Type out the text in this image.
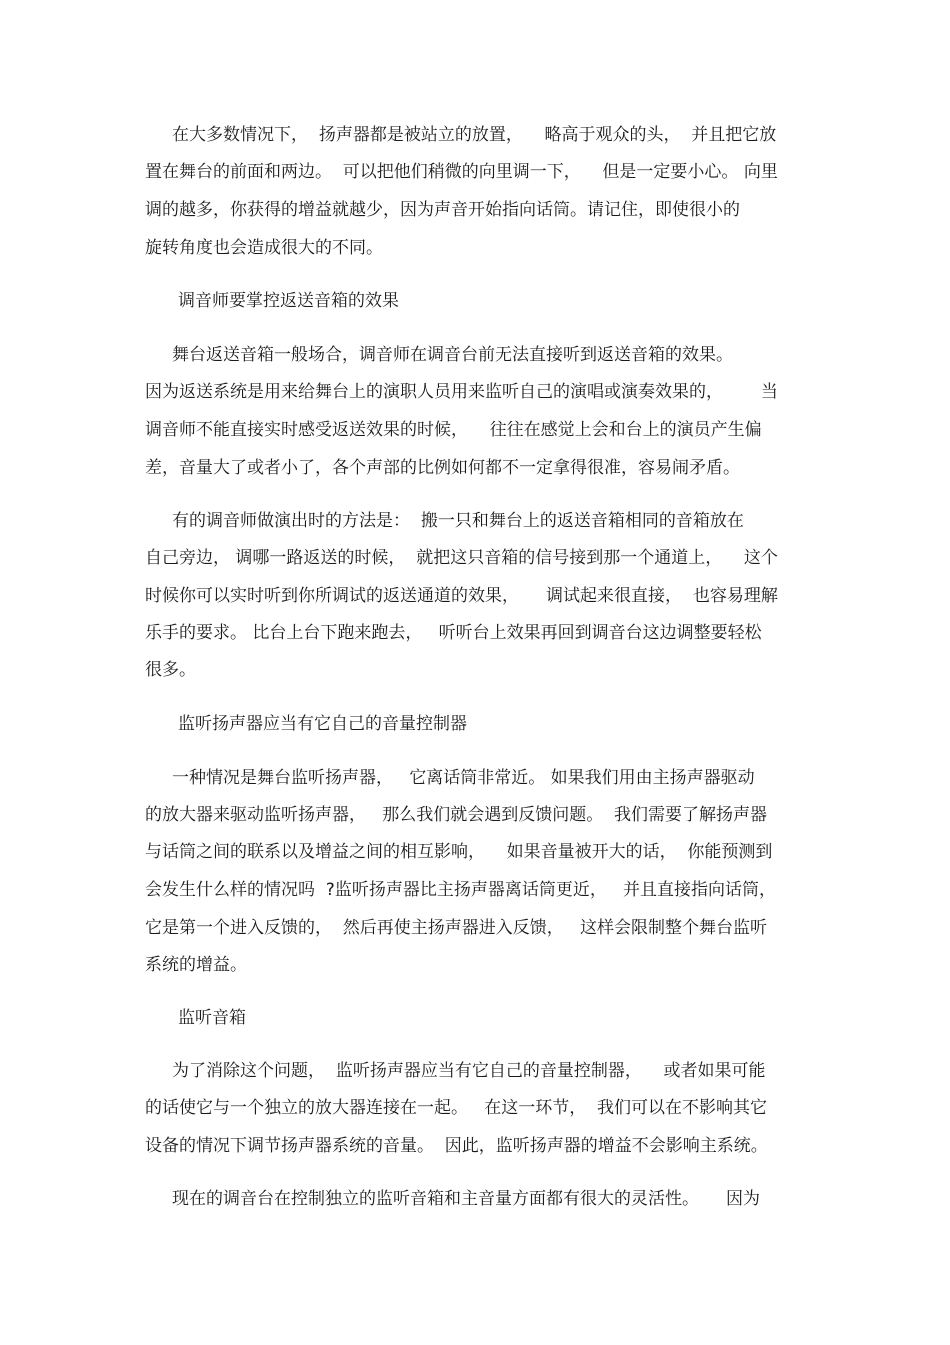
在大多数情况下，  扬声器都是被站立的放置，    略高于观众的头，  并且把它放
置在舞台的前面和两边。  可以把他们稍微的向里调一下，    但是一定要小心。 向里
调的越多，你获得的增益就越少，因为声音开始指向话筒。请记住，即使很小的
旋转角度也会造成很大的不同。
调音师要掌控返送音箱的效果
舞台返送音箱一般场合，调音师在调音台前无法直接听到返送音箱的效果。
因为返送系统是用来给舞台上的演职人员用来监听自己的演唱或演奏效果的，       当
调音师不能直接实时感受返送效果的时候，    往往在感觉上会和台上的演员产生偏
差，音量大了或者小了，各个声部的比例如何都不一定拿得很准，容易闹矛盾。
有的调音师做演出时的方法是：  搬一只和舞台上的返送音箱相同的音箱放在
自己旁边， 调哪一路返送的时候，  就把这只音箱的信号接到那一个通道上，    这个
时候你可以实时听到你所调试的返送通道的效果，     调试起来很直接，  也容易理解
乐手的要求。 比台上台下跑来跑去，   听听台上效果再回到调音台这边调整要轻松
很多。
监听扬声器应当有它自己的音量控制器
一种情况是舞台监听扬声器，   它离话筒非常近。 如果我们用由主扬声器驱动
的放大器来驱动监听扬声器，   那么我们就会遇到反馈问题。  我们需要了解扬声器
与话筒之间的联系以及增益之间的相互影响，    如果音量被开大的话，  你能预测到
会发生什么样的情况吗  ?监听扬声器比主扬声器离话筒更近，   并且直接指向话筒，
它是第一个进入反馈的，  然后再使主扬声器进入反馈，   这样会限制整个舞台监听
系统的增益。
监听音箱
为了消除这个问题，  监听扬声器应当有它自己的音量控制器，    或者如果可能
的话使它与一个独立的放大器连接在一起。   在这一环节，  我们可以在不影响其它
设备的情况下调节扬声器系统的音量。  因此，监听扬声器的增益不会影响主系统。
现在的调音台在控制独立的监听音箱和主音量方面都有很大的灵活性。     因为
